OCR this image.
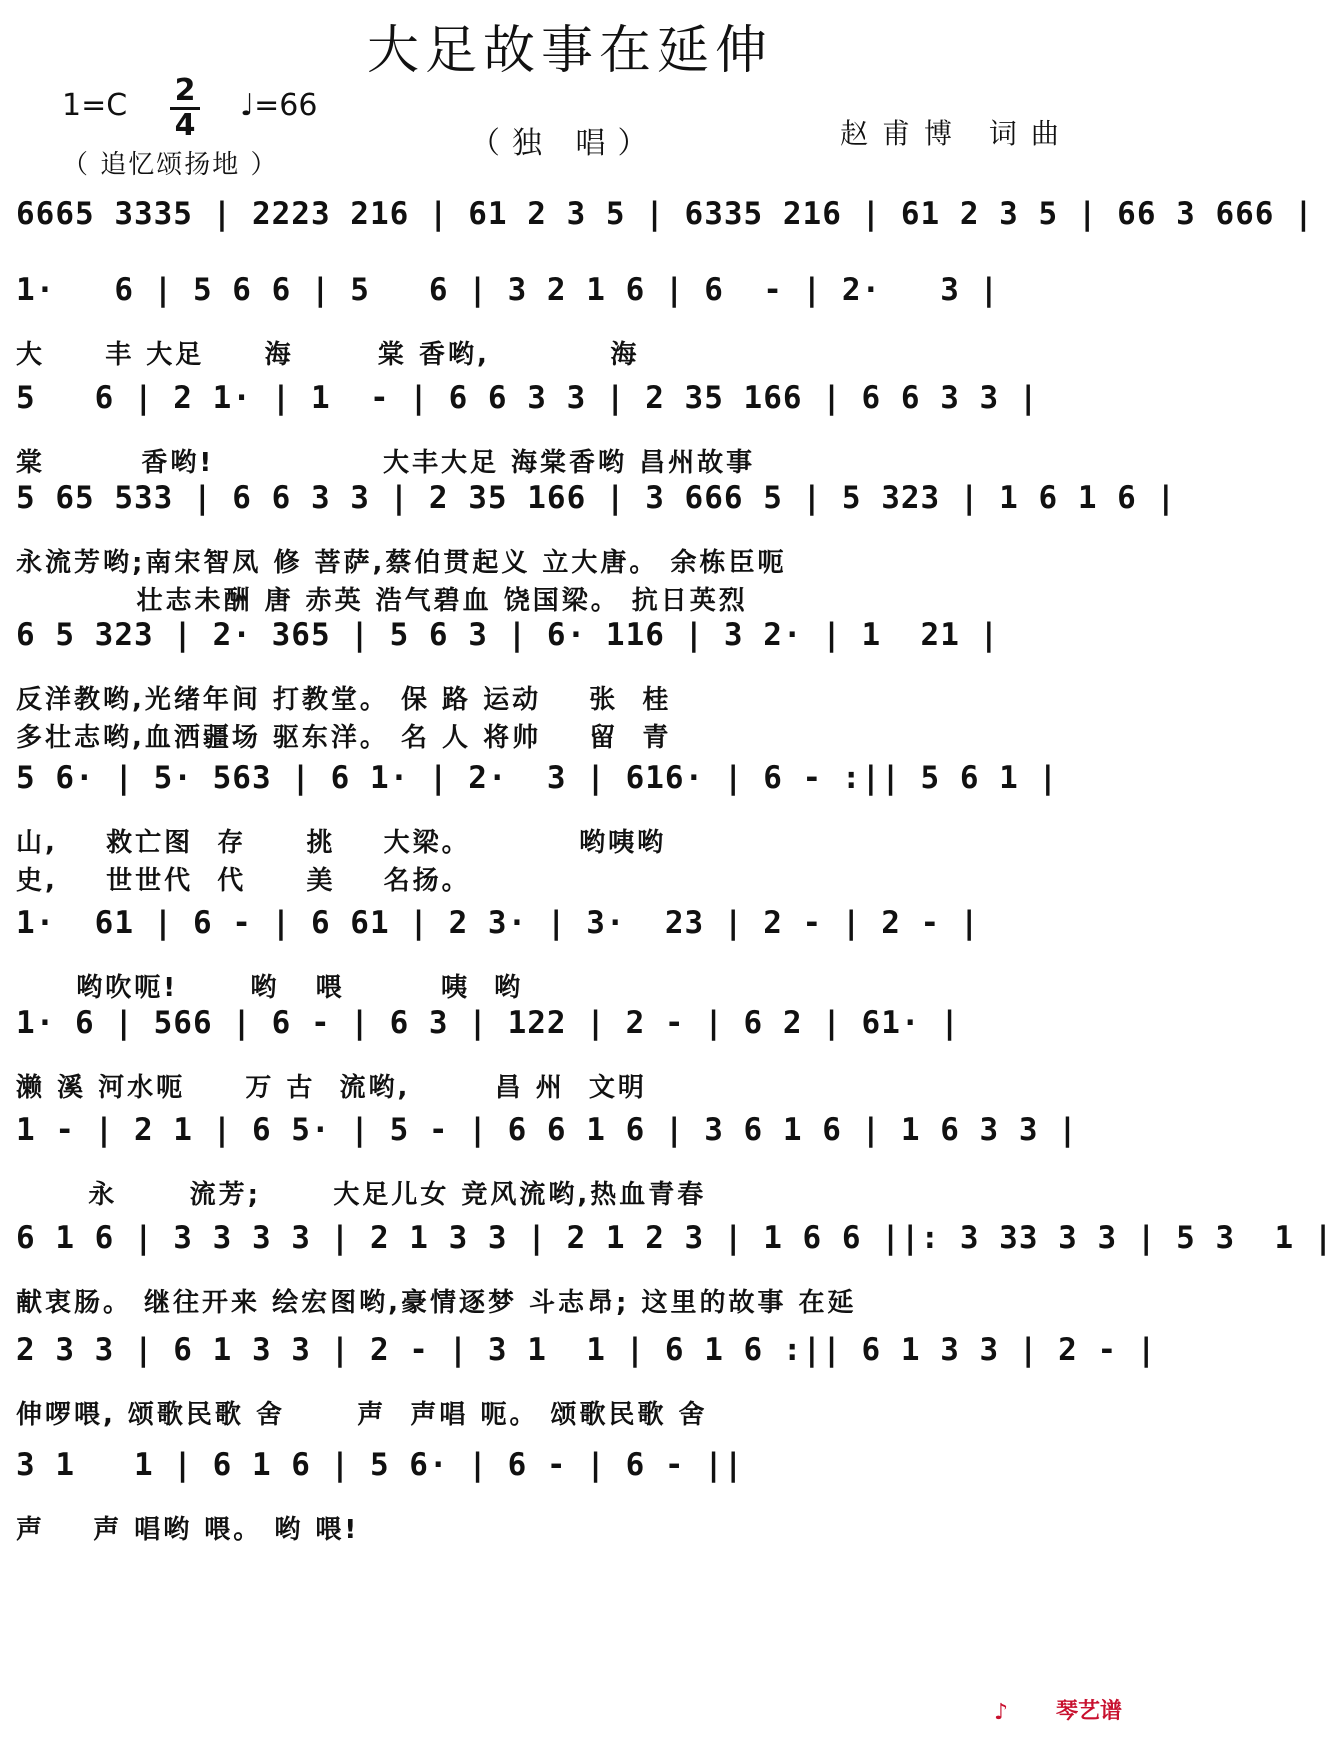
大足故事在延伸
1=C 2
4
♩=66
（ 追忆颂扬地 ）
（独 唱）	赵甫博 词曲
6665 3335 | 2223 216 | 61 2 3 5 | 6335 216 | 61 2 3 5 | 66 3 666 |
1·   6 | 5 6 6 | 5   6 | 3 2 1 6 | 6  - | 2·   3 |
大     丰 大足     海       棠 香哟,          海
5   6 | 2 1· | 1  - | 6 6 3 3 | 2 35 166 | 6 6 3 3 |
棠        香哟!              大丰大足 海棠香哟 昌州故事
5 65 533 | 6 6 3 3 | 2 35 166 | 3 666 5 | 5 323 | 1 6 1 6 |
永流芳哟;南宋智凤 修 菩萨,蔡伯贯起义 立大唐。 余栋臣呃
壮志未酬 唐 赤英 浩气碧血 饶国梁。 抗日英烈
6 5 323 | 2· 365 | 5 6 3 | 6· 116 | 3 2· | 1  21 |
反洋教哟,光绪年间 打教堂。 保 路 运动    张  桂
多壮志哟,血洒疆场 驱东洋。 名 人 将帅    留  青
5 6· | 5· 563 | 6 1· | 2·  3 | 616· | 6 - :|| 5 6 1 |
山,    救亡图  存     挑    大梁。         哟咦哟
史,    世世代  代     美    名扬。
1·  61 | 6 - | 6 61 | 2 3· | 3·  23 | 2 - | 2 - |
哟吹呃!      哟   喂        咦  哟
1· 6 | 566 | 6 - | 6 3 | 122 | 2 - | 6 2 | 61· |
濑 溪 河水呃     万 古  流哟,       昌 州  文明
1 - | 2 1 | 6 5· | 5 - | 6 6 1 6 | 3 6 1 6 | 1 6 3 3 |
永      流芳;      大足儿女 竞风流哟,热血青春
6 1 6 | 3 3 3 3 | 2 1 3 3 | 2 1 2 3 | 1 6 6 ||: 3 33 3 3 | 5 3  1 |
献衷肠。 继往开来 绘宏图哟,豪情逐梦 斗志昂; 这里的故事 在延
2 3 3 | 6 1 3 3 | 2 - | 3 1  1 | 6 1 6 :|| 6 1 3 3 | 2 - |
伸啰喂, 颂歌民歌 舍      声  声唱 呃。 颂歌民歌 舍
3 1   1 | 6 1 6 | 5 6· | 6 - | 6 - ||
声    声 唱哟 喂。 哟 喂!
♪ 琴艺谱
